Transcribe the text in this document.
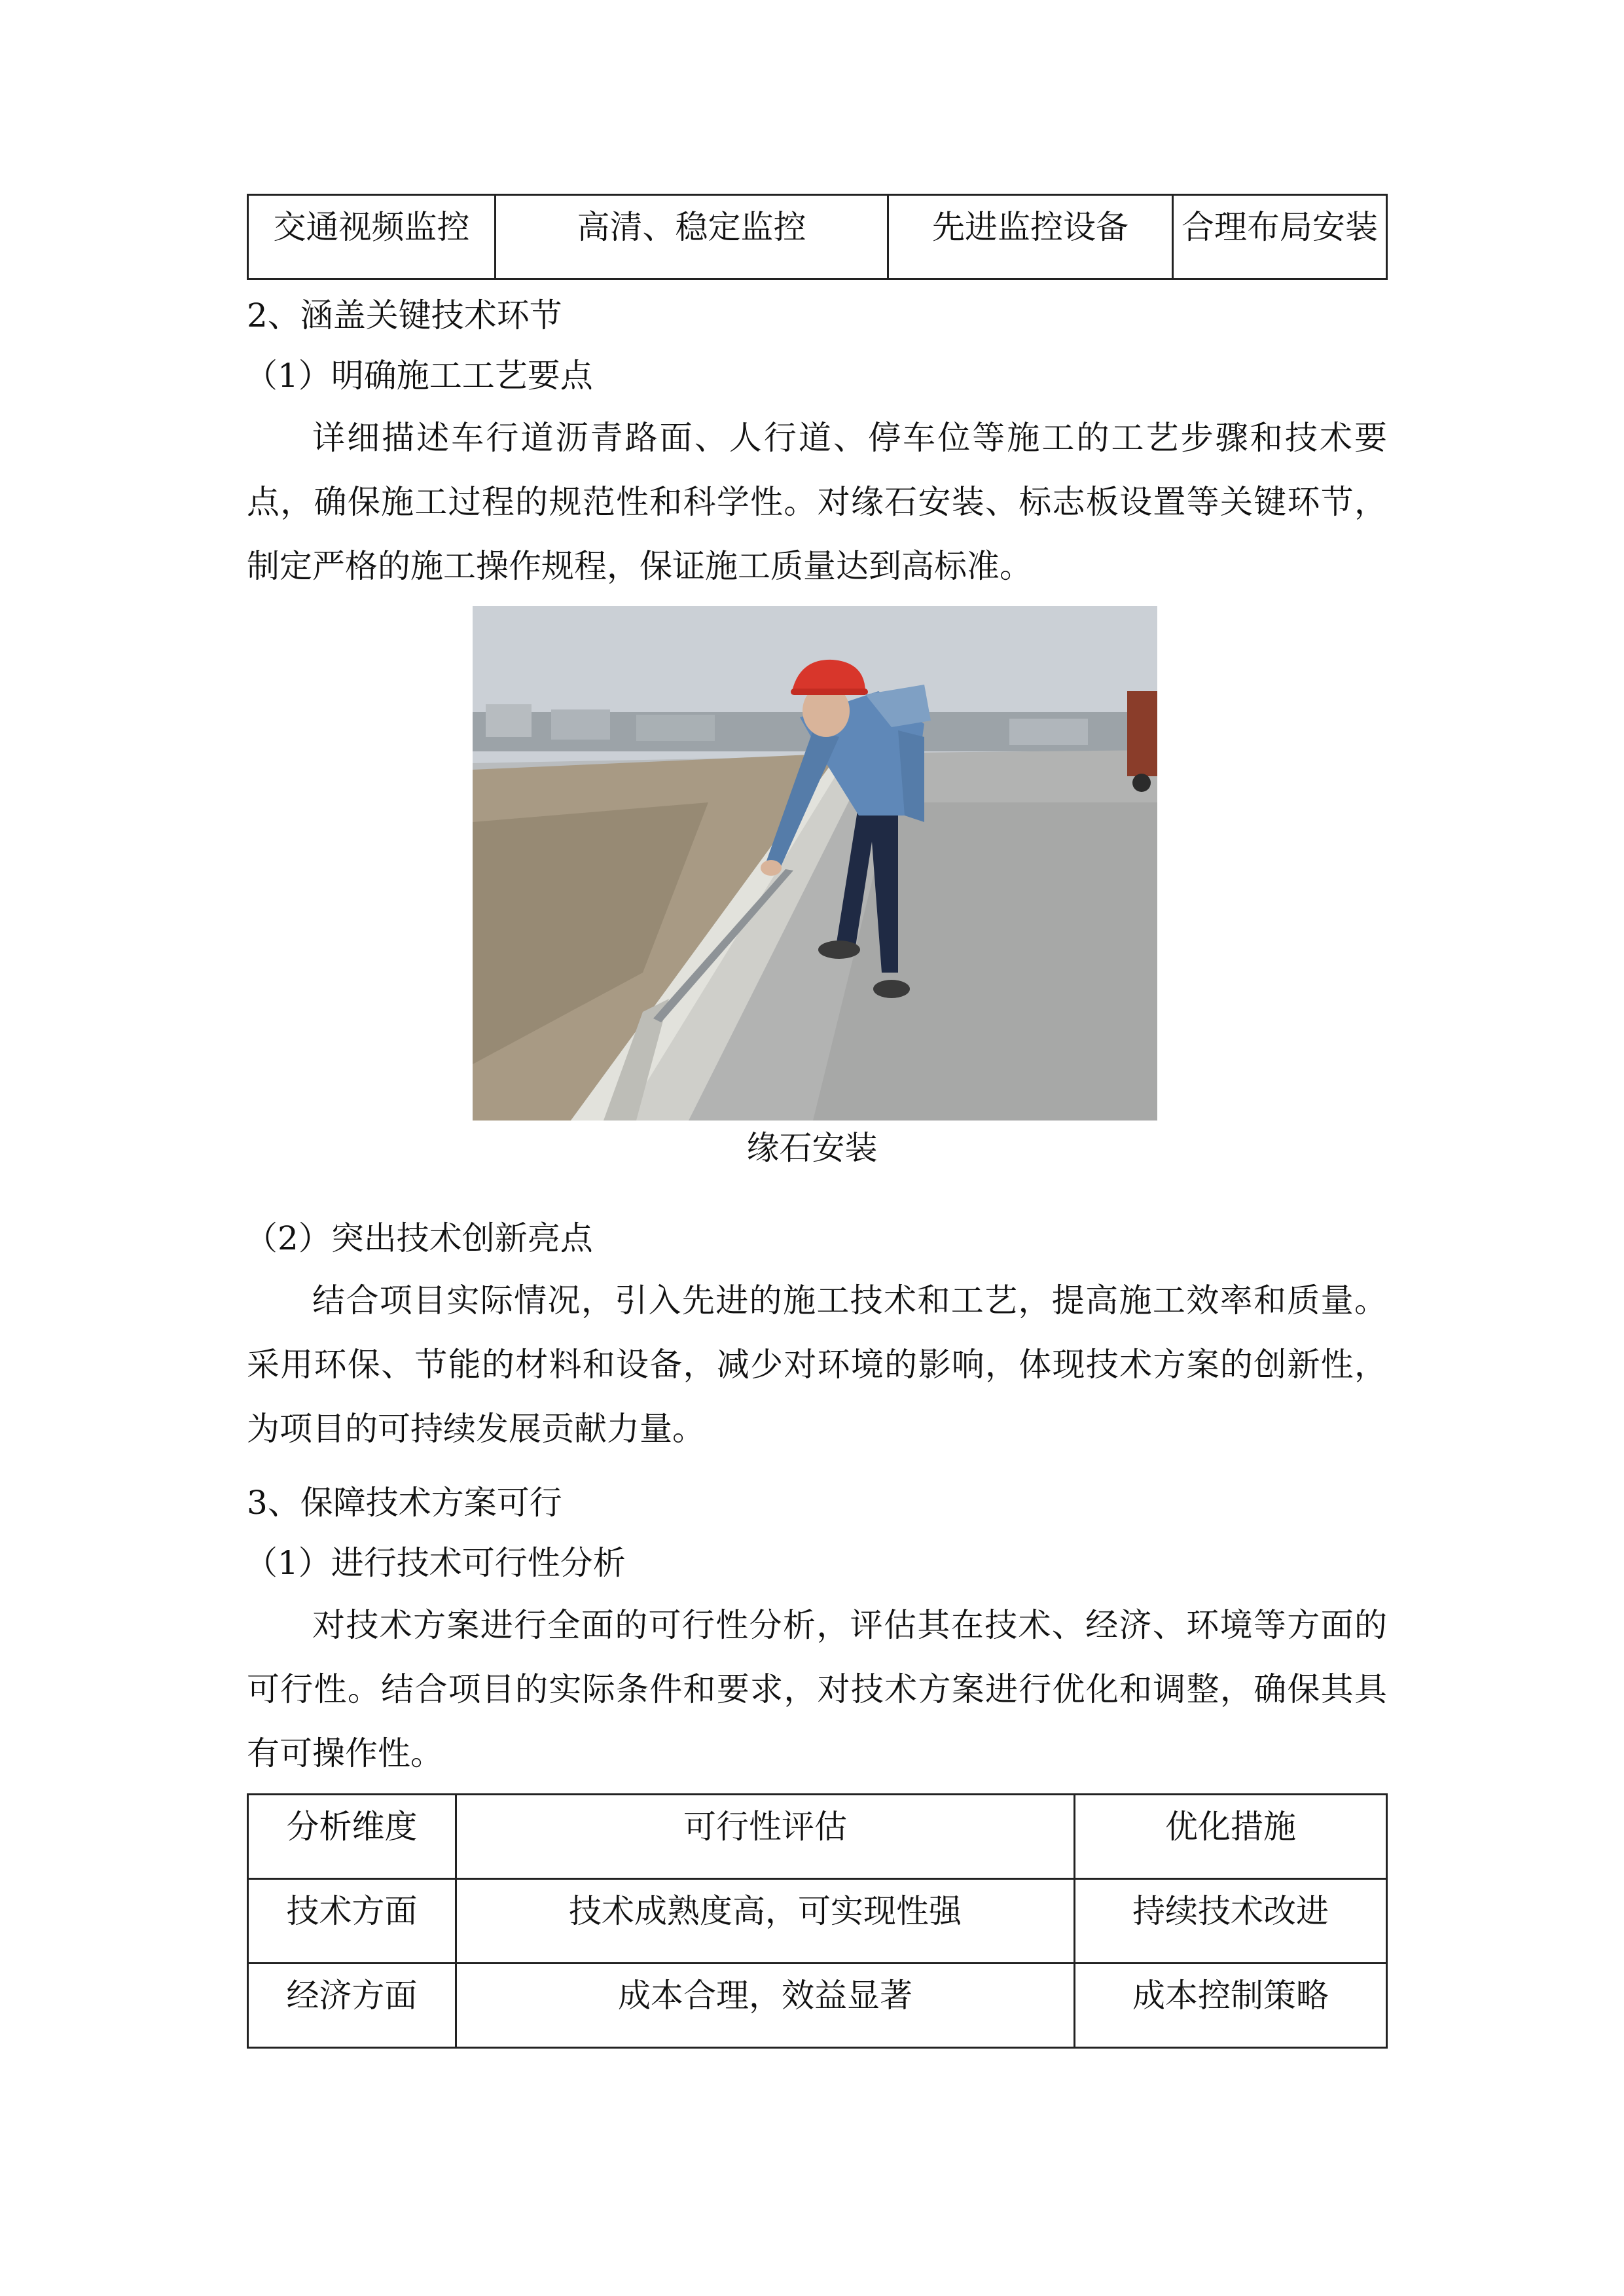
交通视频监控	高清、稳定监控	先进监控设备	合理布局安装

2、涵盖关键技术环节

（1）明确施工工艺要点

详细描述车行道沥青路面、人行道、停车位等施工的工艺步骤和技术要点，确保施工过程的规范性和科学性。对缘石安装、标志板设置等关键环节，制定严格的施工操作规程，保证施工质量达到高标准。

缘石安装

（2）突出技术创新亮点

结合项目实际情况，引入先进的施工技术和工艺，提高施工效率和质量。采用环保、节能的材料和设备，减少对环境的影响，体现技术方案的创新性，为项目的可持续发展贡献力量。

3、保障技术方案可行

（1）进行技术可行性分析

对技术方案进行全面的可行性分析，评估其在技术、经济、环境等方面的可行性。结合项目的实际条件和要求，对技术方案进行优化和调整，确保其具有可操作性。

分析维度	可行性评估	优化措施
技术方面	技术成熟度高，可实现性强	持续技术改进
经济方面	成本合理，效益显著	成本控制策略
